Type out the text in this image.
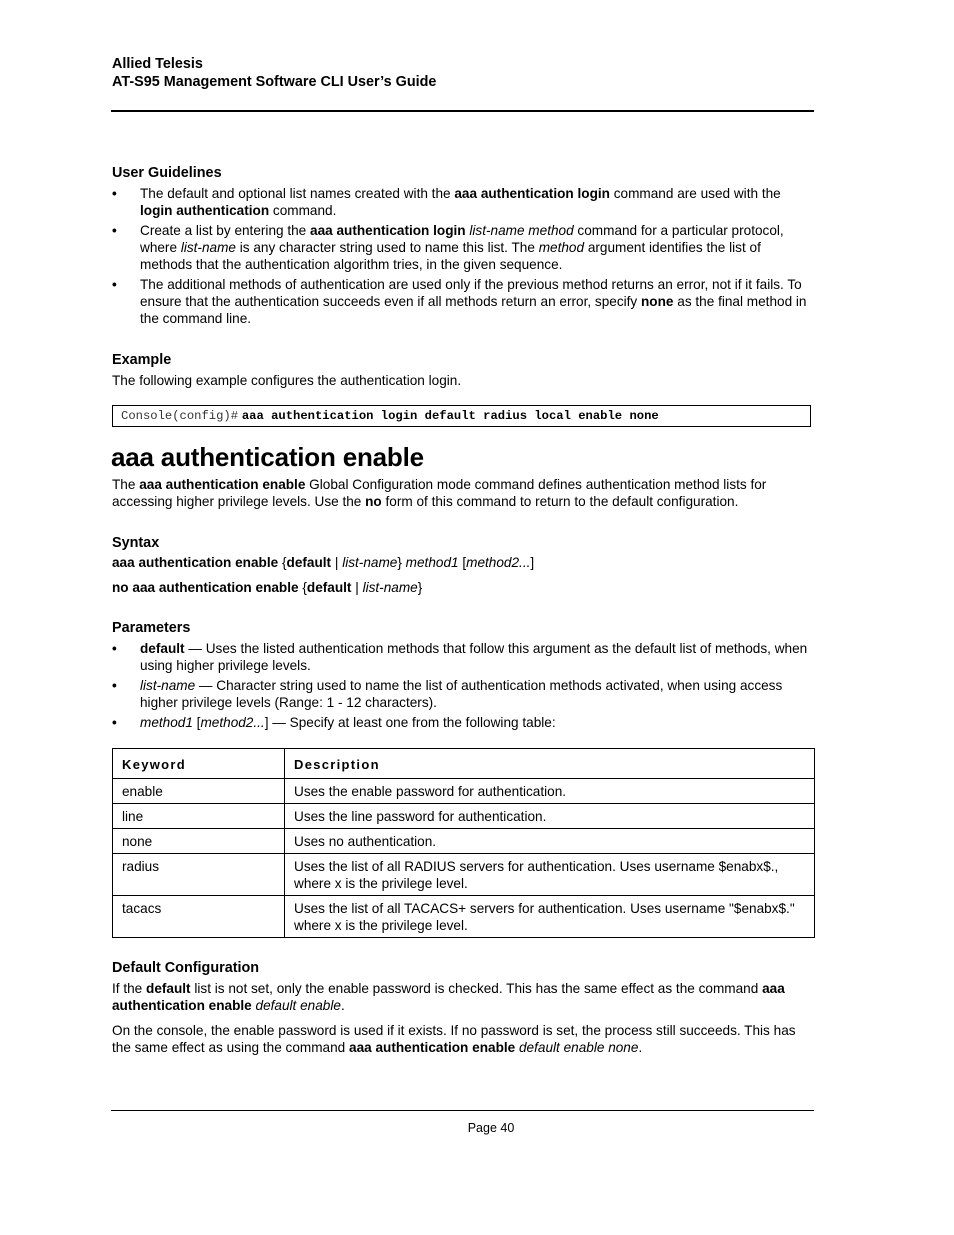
Allied Telesis
AT-S95 Management Software CLI User’s Guide
User Guidelines
• The default and optional list names created with the aaa authentication login command are used with the login authentication command.
• Create a list by entering the aaa authentication login list-name method command for a particular protocol, where list-name is any character string used to name this list. The method argument identifies the list of methods that the authentication algorithm tries, in the given sequence.
• The additional methods of authentication are used only if the previous method returns an error, not if it fails. To ensure that the authentication succeeds even if all methods return an error, specify none as the final method in the command line.
Example
The following example configures the authentication login.
Console(config)# aaa authentication login default radius local enable none
aaa authentication enable
The aaa authentication enable Global Configuration mode command defines authentication method lists for accessing higher privilege levels. Use the no form of this command to return to the default configuration.
Syntax
aaa authentication enable {default | list-name} method1 [method2...]
no aaa authentication enable {default | list-name}
Parameters
• default — Uses the listed authentication methods that follow this argument as the default list of methods, when using higher privilege levels.
• list-name — Character string used to name the list of authentication methods activated, when using access higher privilege levels (Range: 1 - 12 characters).
• method1 [method2...] — Specify at least one from the following table:
Keyword	Description
enable	Uses the enable password for authentication.
line	Uses the line password for authentication.
none	Uses no authentication.
radius	Uses the list of all RADIUS servers for authentication. Uses username $enabx$., where x is the privilege level.
tacacs	Uses the list of all TACACS+ servers for authentication. Uses username "$enabx$." where x is the privilege level.
Default Configuration
If the default list is not set, only the enable password is checked. This has the same effect as the command aaa authentication enable default enable.
On the console, the enable password is used if it exists. If no password is set, the process still succeeds. This has the same effect as using the command aaa authentication enable default enable none.
Page 40
